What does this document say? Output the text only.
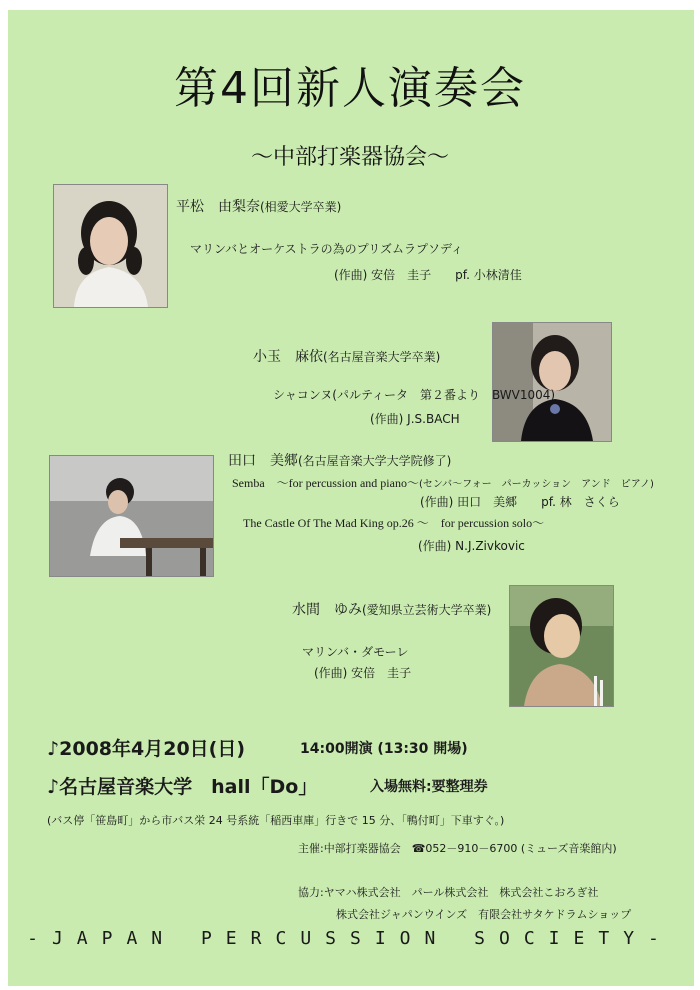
第4回新人演奏会
～中部打楽器協会～
平松　由梨奈(相愛大学卒業)
マリンバとオーケストラの為のプリズムラプソディ
(作曲) 安倍　圭子　　pf. 小林清佳
小玉　麻依(名古屋音楽大学卒業)
シャコンヌ(パルティータ　第２番より　BWV1004)
(作曲) J.S.BACH
田口　美郷(名古屋音楽大学大学院修了)
Semba　～for percussion and piano～(センバ～フォー　パーカッション　アンド　ピアノ)
(作曲) 田口　美郷　　pf. 林　さくら
The Castle Of The Mad King op.26 ～　for percussion solo～
(作曲) N.J.Zivkovic
水間　ゆみ(愛知県立芸術大学卒業)
マリンバ・ダモーレ
(作曲) 安倍　圭子
♪2008年4月20日(日)	14:00開演 (13:30 開場)
♪名古屋音楽大学　hall「Do」	入場無料:要整理券
(バス停「笹島町」から市バス栄 24 号系統「稲西車庫」行きで 15 分、「鴨付町」下車すぐ。)
主催:中部打楽器協会　☎052－910－6700 (ミューズ音楽館内)
協力:ヤマハ株式会社　パール株式会社　株式会社こおろぎ社
株式会社ジャパンウインズ　有限会社サタケドラムショップ
-JAPAN PERCUSSION SOCIETY-
